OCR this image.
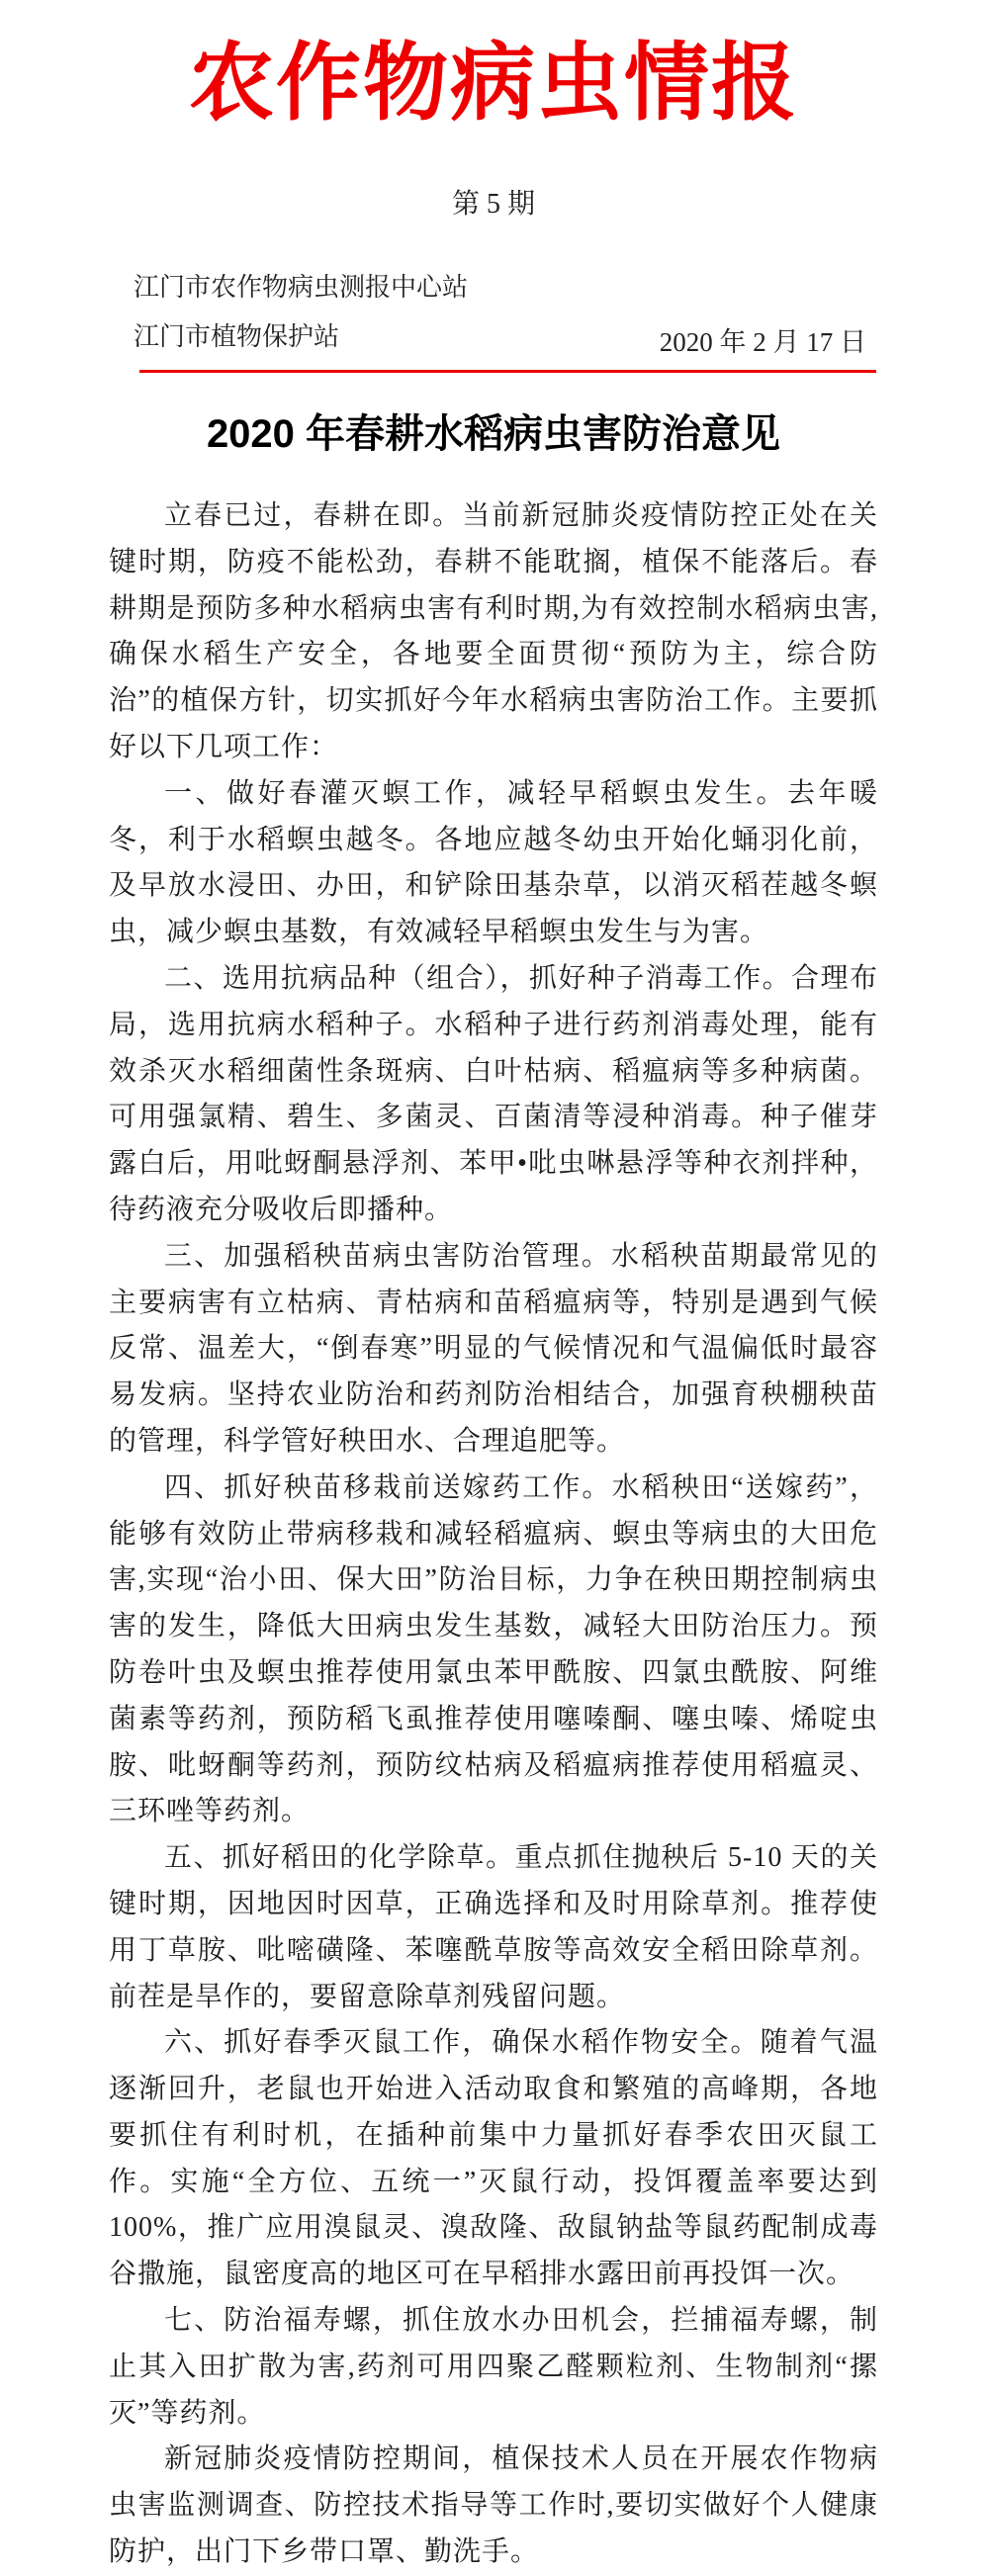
农作物病虫情报
第 5 期
江门市农作物病虫测报中心站
江门市植物保护站	2020 年 2 月 17 日
2020 年春耕水稻病虫害防治意见

立春已过，春耕在即。当前新冠肺炎疫情防控正处在关键时期，防疫不能松劲，春耕不能耽搁，植保不能落后。春耕期是预防多种水稻病虫害有利时期,为有效控制水稻病虫害,确保水稻生产安全，各地要全面贯彻“预防为主，综合防治”的植保方针，切实抓好今年水稻病虫害防治工作。主要抓好以下几项工作：

一、做好春灌灭螟工作，减轻早稻螟虫发生。去年暖冬，利于水稻螟虫越冬。各地应越冬幼虫开始化蛹羽化前，及早放水浸田、办田，和铲除田基杂草，以消灭稻茬越冬螟虫，减少螟虫基数，有效减轻早稻螟虫发生与为害。

二、选用抗病品种（组合），抓好种子消毒工作。合理布局，选用抗病水稻种子。水稻种子进行药剂消毒处理，能有效杀灭水稻细菌性条斑病、白叶枯病、稻瘟病等多种病菌。可用强氯精、碧生、多菌灵、百菌清等浸种消毒。种子催芽露白后，用吡蚜酮悬浮剂、苯甲•吡虫啉悬浮等种衣剂拌种，待药液充分吸收后即播种。

三、加强稻秧苗病虫害防治管理。水稻秧苗期最常见的主要病害有立枯病、青枯病和苗稻瘟病等，特别是遇到气候反常、温差大，“倒春寒”明显的气候情况和气温偏低时最容易发病。坚持农业防治和药剂防治相结合，加强育秧棚秧苗的管理，科学管好秧田水、合理追肥等。

四、抓好秧苗移栽前送嫁药工作。水稻秧田“送嫁药”，能够有效防止带病移栽和减轻稻瘟病、螟虫等病虫的大田危害,实现“治小田、保大田”防治目标，力争在秧田期控制病虫害的发生，降低大田病虫发生基数，减轻大田防治压力。预防卷叶虫及螟虫推荐使用氯虫苯甲酰胺、四氯虫酰胺、阿维菌素等药剂，预防稻飞虱推荐使用噻嗪酮、噻虫嗪、烯啶虫胺、吡蚜酮等药剂，预防纹枯病及稻瘟病推荐使用稻瘟灵、三环唑等药剂。

五、抓好稻田的化学除草。重点抓住抛秧后 5-10 天的关键时期，因地因时因草，正确选择和及时用除草剂。推荐使用丁草胺、吡嘧磺隆、苯噻酰草胺等高效安全稻田除草剂。前茬是旱作的，要留意除草剂残留问题。

六、抓好春季灭鼠工作，确保水稻作物安全。随着气温逐渐回升，老鼠也开始进入活动取食和繁殖的高峰期，各地要抓住有利时机，在插种前集中力量抓好春季农田灭鼠工作。实施“全方位、五统一”灭鼠行动，投饵覆盖率要达到 100%，推广应用溴鼠灵、溴敌隆、敌鼠钠盐等鼠药配制成毒谷撒施，鼠密度高的地区可在早稻排水露田前再投饵一次。

七、防治福寿螺，抓住放水办田机会，拦捕福寿螺，制止其入田扩散为害,药剂可用四聚乙醛颗粒剂、生物制剂“摞灭”等药剂。

新冠肺炎疫情防控期间，植保技术人员在开展农作物病虫害监测调查、防控技术指导等工作时,要切实做好个人健康防护，出门下乡带口罩、勤洗手。
